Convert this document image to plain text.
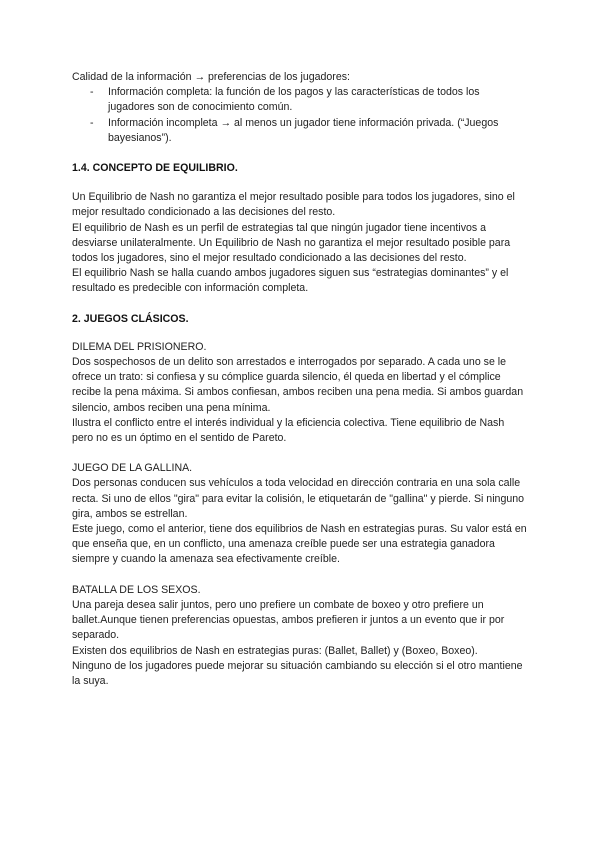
Calidad de la información → preferencias de los jugadores:

- Información completa: la función de los pagos y las características de todos los jugadores son de conocimiento común.
- Información incompleta → al menos un jugador tiene información privada. (“Juegos bayesianos”).
1.4. CONCEPTO DE EQUILIBRIO.

Un Equilibrio de Nash no garantiza el mejor resultado posible para todos los jugadores, sino el mejor resultado condicionado a las decisiones del resto.

El equilibrio de Nash es un perfil de estrategias tal que ningún jugador tiene incentivos a desviarse unilateralmente. Un Equilibrio de Nash no garantiza el mejor resultado posible para todos los jugadores, sino el mejor resultado condicionado a las decisiones del resto.

El equilibrio Nash se halla cuando ambos jugadores siguen sus “estrategias dominantes” y el resultado es predecible con información completa.

2. JUEGOS CLÁSICOS.

DILEMA DEL PRISIONERO.

Dos sospechosos de un delito son arrestados e interrogados por separado. A cada uno se le ofrece un trato: si confiesa y su cómplice guarda silencio, él queda en libertad y el cómplice recibe la pena máxima. Si ambos confiesan, ambos reciben una pena media. Si ambos guardan silencio, ambos reciben una pena mínima.

Ilustra el conflicto entre el interés individual y la eficiencia colectiva. Tiene equilibrio de Nash pero no es un óptimo en el sentido de Pareto.

JUEGO DE LA GALLINA.

Dos personas conducen sus vehículos a toda velocidad en dirección contraria en una sola calle recta. Si uno de ellos "gira" para evitar la colisión, le etiquetarán de "gallina" y pierde. Si ninguno gira, ambos se estrellan.

Este juego, como el anterior, tiene dos equilibrios de Nash en estrategias puras. Su valor está en que enseña que, en un conflicto, una amenaza creíble puede ser una estrategia ganadora siempre y cuando la amenaza sea efectivamente creíble.

BATALLA DE LOS SEXOS.

Una pareja desea salir juntos, pero uno prefiere un combate de boxeo y otro prefiere un ballet.Aunque tienen preferencias opuestas, ambos prefieren ir juntos a un evento que ir por separado.

Existen dos equilibrios de Nash en estrategias puras: (Ballet, Ballet) y (Boxeo, Boxeo).

Ninguno de los jugadores puede mejorar su situación cambiando su elección si el otro mantiene la suya.
